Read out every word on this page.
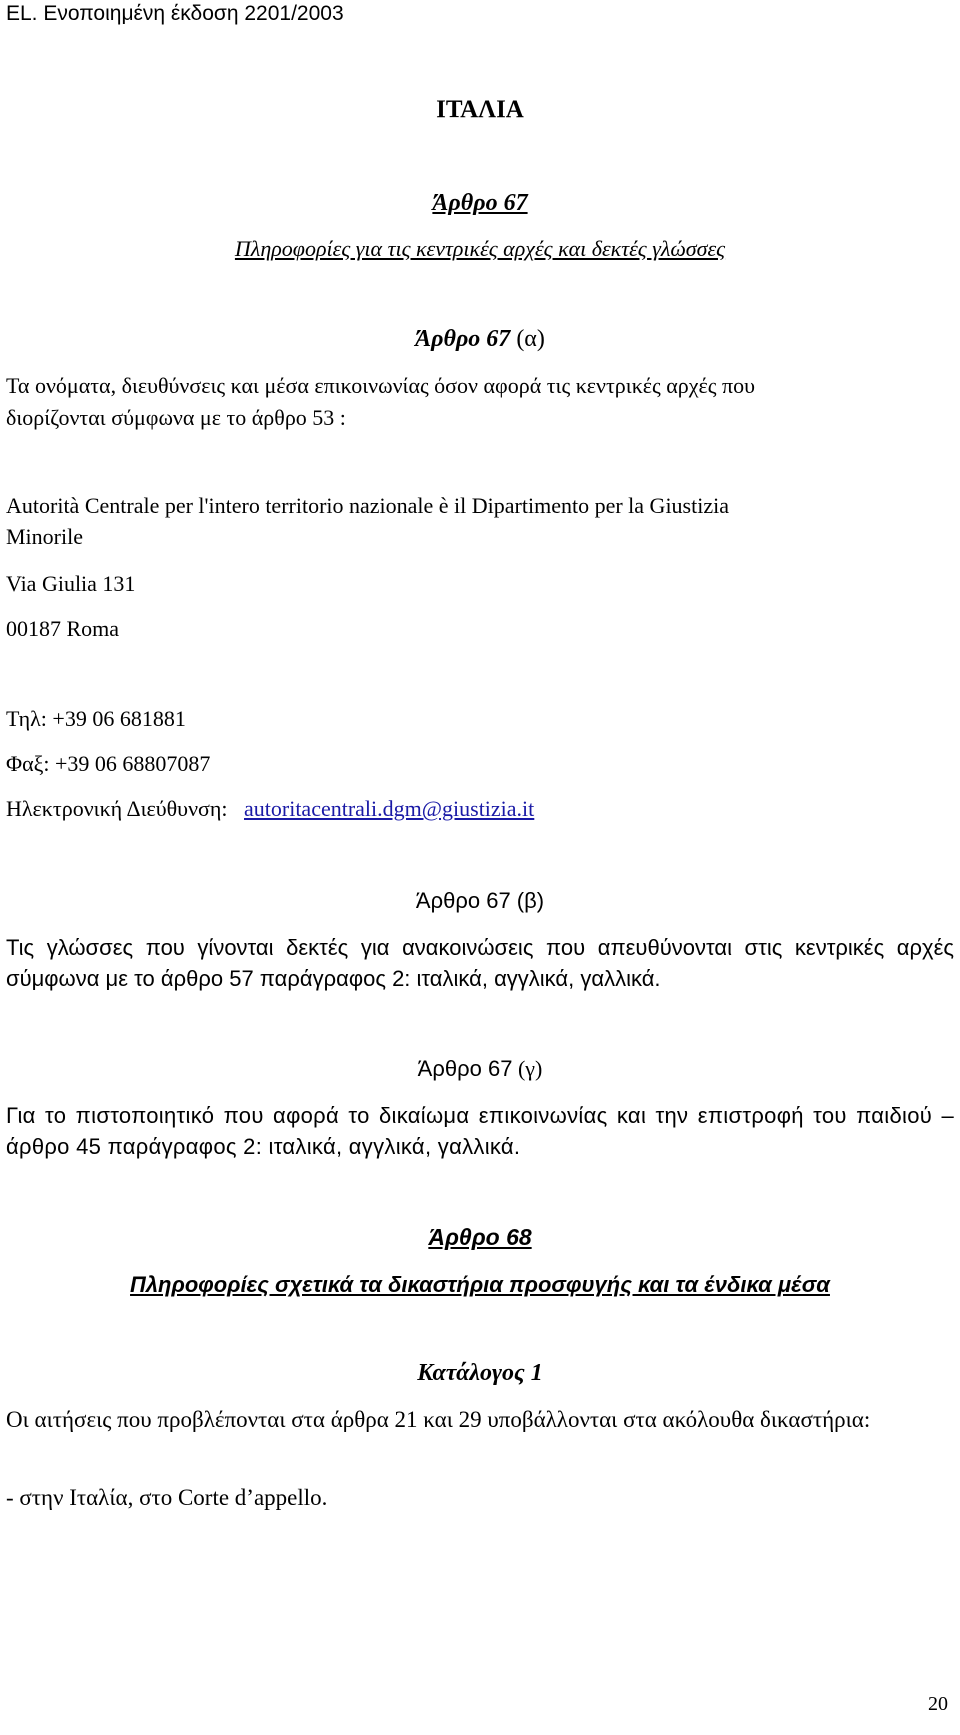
EL. Ενοποιημένη έκδοση 2201/2003
ΙΤΑΛΙΑ
Άρθρο 67
Πληροφορίες για τις κεντρικές αρχές και δεκτές γλώσσες
Άρθρο 67 (α)
Τα ονόματα, διευθύνσεις και μέσα επικοινωνίας όσον αφορά τις κεντρικές αρχές που
διορίζονται σύμφωνα με το άρθρο 53 :
Autorità Centrale per l'intero territorio nazionale è il Dipartimento per la Giustizia
Minorile
Via Giulia 131
00187 Roma
Τηλ: +39 06 681881
Φαξ: +39 06 68807087
Ηλεκτρονική Διεύθυνση: autoritacentrali.dgm@giustizia.it
Άρθρο 67 (β)
Τις γλώσσες που γίνονται δεκτές για ανακοινώσεις που απευθύνονται στις κεντρικές αρχές σύμφωνα με το άρθρο 57 παράγραφος 2: ιταλικά, αγγλικά, γαλλικά.
Άρθρο 67 (γ)
Για το πιστοποιητικό που αφορά το δικαίωμα επικοινωνίας και την επιστροφή του παιδιού – άρθρο 45 παράγραφος 2: ιταλικά, αγγλικά, γαλλικά.
Άρθρο 68
Πληροφορίες σχετικά τα δικαστήρια προσφυγής και τα ένδικα μέσα
Κατάλογος 1
Οι αιτήσεις που προβλέπονται στα άρθρα 21 και 29 υποβάλλονται στα ακόλουθα δικαστήρια:
- στην Ιταλία, στο Corte d’appello.
20
